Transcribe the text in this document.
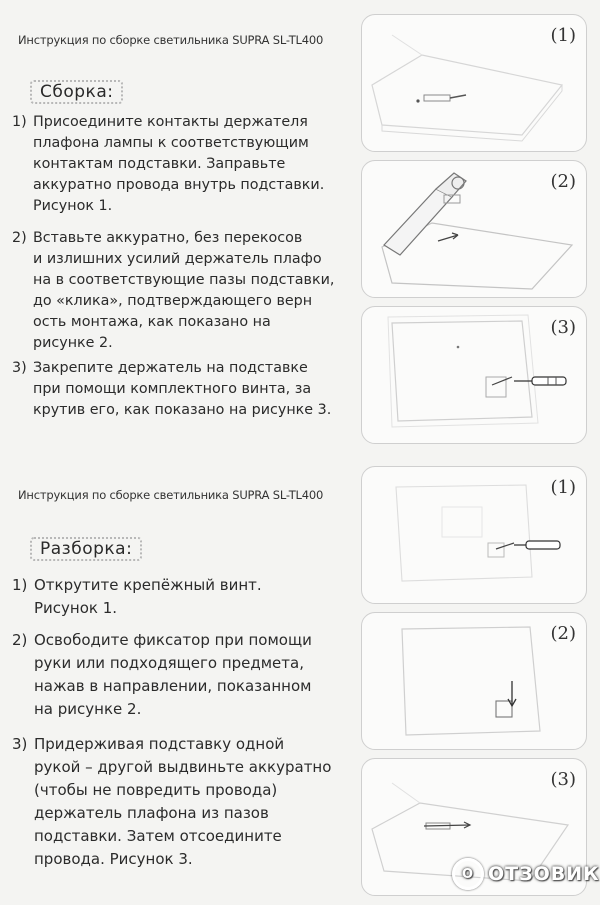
Инструкция по сборке светильника SUPRA SL-TL400
Сборка:
1) Присоедините контакты держателя
плафона лампы к соответствующим
контактам подставки. Заправьте
аккуратно провода внутрь подставки.
Рисунок 1.
2) Вставьте аккуратно, без перекосов
и излишних усилий держатель плафо
на в соответствующие пазы подставки,
до «клика», подтверждающего верн
ость монтажа, как показано на
рисунке 2.
3) Закрепите держатель на подставке
при помощи комплектного винта, за
крутив его, как показано на рисунке 3.
(1)
(2)
(3)
Инструкция по сборке светильника SUPRA SL-TL400
Разборка:
1) Открутите крепёжный винт.
Рисунок 1.
2) Освободите фиксатор при помощи
руки или подходящего предмета,
нажав в направлении, показанном
на рисунке 2.
3) Придерживая подставку одной
рукой – другой выдвиньте аккуратно
(чтобы не повредить провода)
держатель плафона из пазов
подставки. Затем отсоедините
провода. Рисунок 3.
(1)
(2)
(3)
О ОТЗОВИК
